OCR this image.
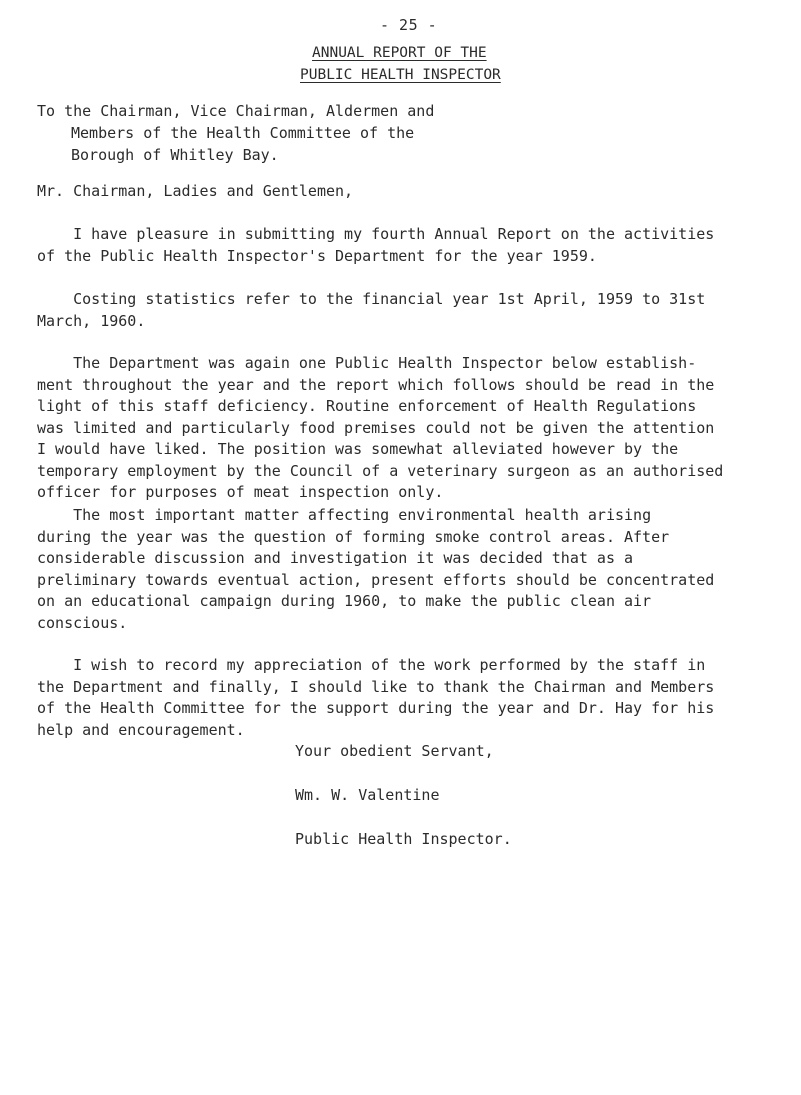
- 25 -
ANNUAL REPORT OF THE
PUBLIC HEALTH INSPECTOR
To the Chairman, Vice Chairman, Aldermen and
Members of the Health Committee of the
Borough of Whitley Bay.
Mr. Chairman, Ladies and Gentlemen,
I have pleasure in submitting my fourth Annual Report on the activities
of the Public Health Inspector's Department for the year 1959.
Costing statistics refer to the financial year 1st April, 1959 to 31st
March, 1960.
The Department was again one Public Health Inspector below establish-
ment throughout the year and the report which follows should be read in the
light of this staff deficiency. Routine enforcement of Health Regulations
was limited and particularly food premises could not be given the attention
I would have liked. The position was somewhat alleviated however by the
temporary employment by the Council of a veterinary surgeon as an authorised
officer for purposes of meat inspection only.
The most important matter affecting environmental health arising
during the year was the question of forming smoke control areas. After
considerable discussion and investigation it was decided that as a
preliminary towards eventual action, present efforts should be concentrated
on an educational campaign during 1960, to make the public clean air
conscious.
I wish to record my appreciation of the work performed by the staff in
the Department and finally, I should like to thank the Chairman and Members
of the Health Committee for the support during the year and Dr. Hay for his
help and encouragement.
Your obedient Servant,
Wm. W. Valentine
Public Health Inspector.
